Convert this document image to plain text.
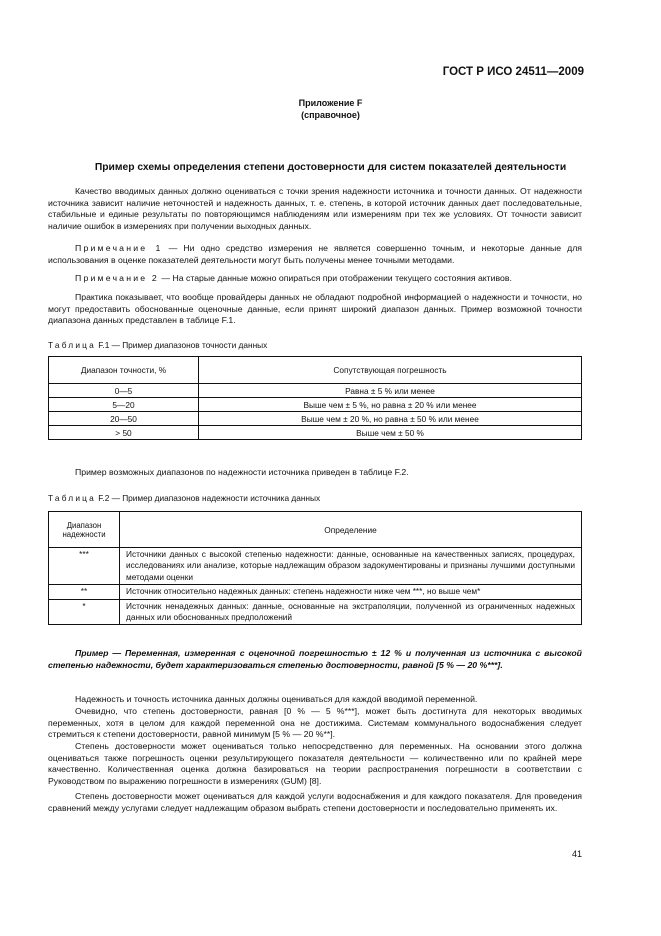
ГОСТ Р ИСО 24511—2009
Приложение F
(справочное)
Пример схемы определения степени достоверности для систем показателей деятельности

Качество вводимых данных должно оцениваться с точки зрения надежности источника и точности данных. От надежности источника зависит наличие неточностей и надежность данных, т. е. степень, в которой источник данных дает последовательные, стабильные и единые результаты по повторяющимся наблюдениям или измерениям при тех же условиях. От точности зависит наличие ошибок в измерениях при получении выходных данных.

Примечание 1 — Ни одно средство измерения не является совершенно точным, и некоторые данные для использования в оценке показателей деятельности могут быть получены менее точными методами.

Примечание 2 — На старые данные можно опираться при отображении текущего состояния активов.

Практика показывает, что вообще провайдеры данных не обладают подробной информацией о надежности и точности, но могут предоставить обоснованные оценочные данные, если принят широкий диапазон данных. Пример возможной точности диапазона данных представлен в таблице F.1.

Таблица F.1 — Пример диапазонов точности данных
Диапазон точности, %	Сопутствующая погрешность
0—5	Равна ± 5 % или менее
5—20	Выше чем ± 5 %, но равна ± 20 % или менее
20—50	Выше чем ± 20 %, но равна ± 50 % или менее
> 50	Выше чем ± 50 %

Пример возможных диапазонов по надежности источника приведен в таблице F.2.

Таблица F.2 — Пример диапазонов надежности источника данных
Диапазон надежности	Определение
***	Источники данных с высокой степенью надежности: данные, основанные на качественных записях, процедурах, исследованиях или анализе, которые надлежащим образом задокументированы и признаны лучшими доступными методами оценки
**	Источник относительно надежных данных: степень надежности ниже чем ***, но выше чем*
*	Источник ненадежных данных: данные, основанные на экстраполяции, полученной из ограниченных надежных данных или обоснованных предположений

Пример — Переменная, измеренная с оценочной погрешностью ± 12 % и полученная из источника с высокой степенью надежности, будет характеризоваться степенью достоверности, равной [5 % — 20 %***].

Надежность и точность источника данных должны оцениваться для каждой вводимой переменной.

Очевидно, что степень достоверности, равная [0 % — 5 %***], может быть достигнута для некоторых вводимых переменных, хотя в целом для каждой переменной она не достижима. Системам коммунального водоснабжения следует стремиться к степени достоверности, равной минимум [5 % — 20 %**].

Степень достоверности может оцениваться только непосредственно для переменных. На основании этого должна оцениваться также погрешность оценки результирующего показателя деятельности — количественно или по крайней мере качественно. Количественная оценка должна базироваться на теории распространения погрешности в соответствии с Руководством по выражению погрешности в измерениях (GUM) [8].

Степень достоверности может оцениваться для каждой услуги водоснабжения и для каждого показателя. Для проведения сравнений между услугами следует надлежащим образом выбрать степени достоверности и последовательно применять их.

41
